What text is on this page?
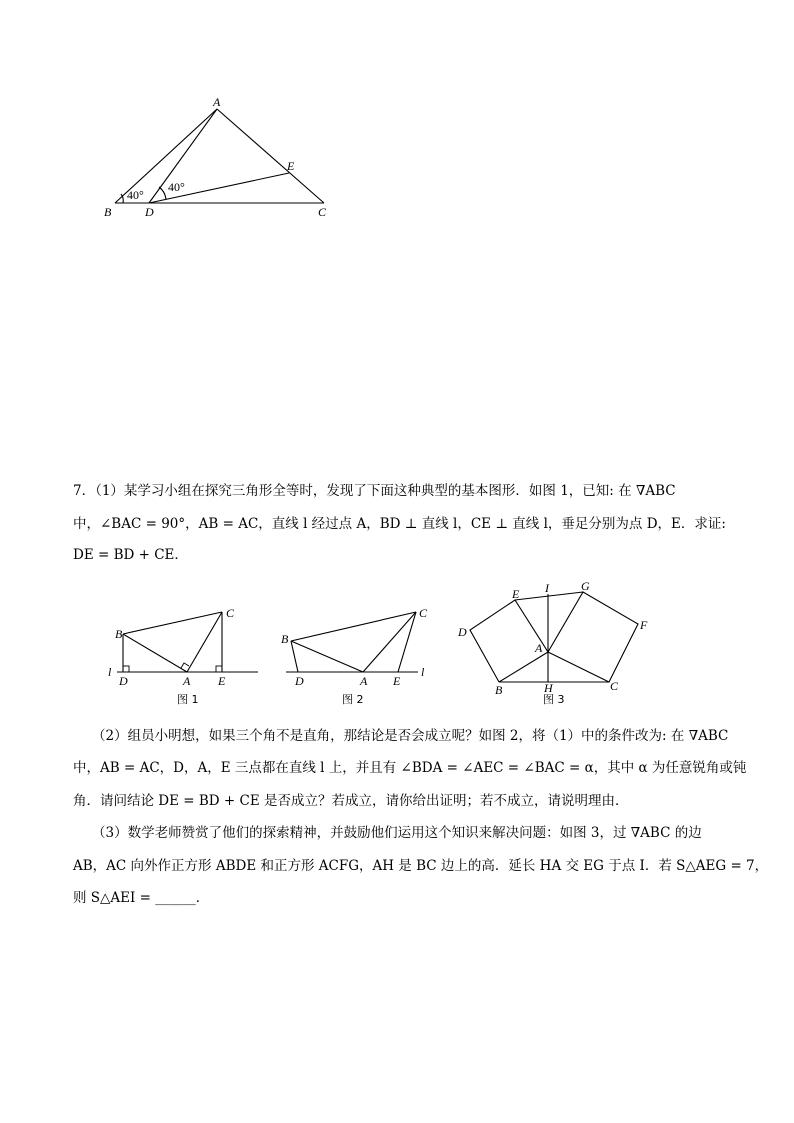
A
B	D	C
E
40°
40°
7．（1）某学习小组在探究三角形全等时，发现了下面这种典型的基本图形．如图 1，已知: 在 ∇ABC
中，∠BAC = 90°，AB = AC，直线 l 经过点 A，BD ⊥ 直线 l，CE ⊥ 直线 l，垂足分别为点 D，E．求证:
DE = BD + CE．
l
B
C
D	A E
图 1
l
B
C
D	A E
图 2
I	G
E
D	F
A
B	H	C
图 3
（2）组员小明想，如果三个角不是直角，那结论是否会成立呢？如图 2，将（1）中的条件改为: 在 ∇ABC
中，AB = AC，D，A，E 三点都在直线 l 上，并且有 ∠BDA = ∠AEC = ∠BAC = α，其中 α 为任意锐角或钝
角．请问结论 DE = BD + CE 是否成立？若成立，请你给出证明；若不成立，请说明理由．
（3）数学老师赞赏了他们的探索精神，并鼓励他们运用这个知识来解决问题：如图 3，过 ∇ABC 的边
AB，AC 向外作正方形 ABDE 和正方形 ACFG，AH 是 BC 边上的高．延长 HA 交 EG 于点 I．若 S△AEG = 7，
则 S△AEI = ______．
